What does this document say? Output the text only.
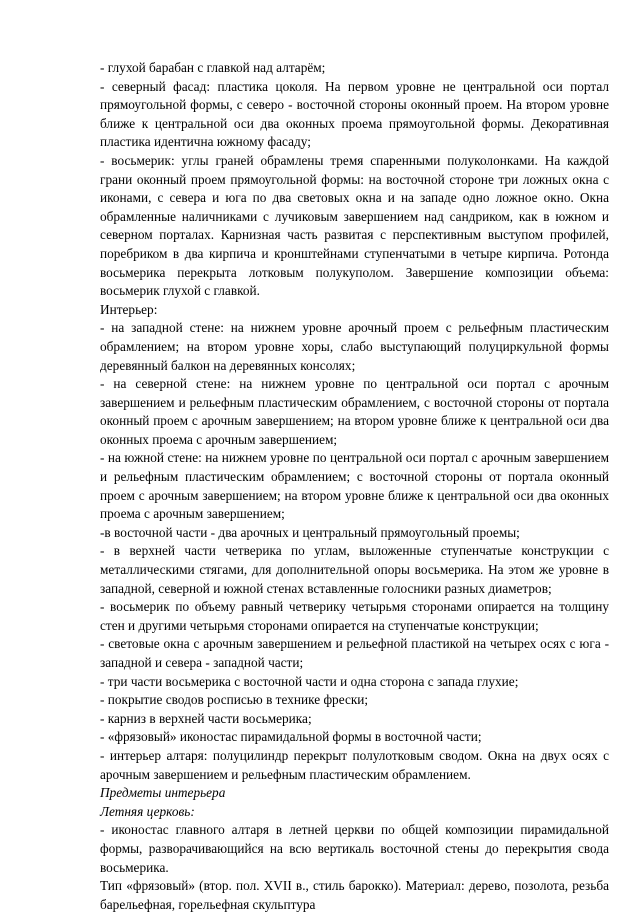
- глухой барабан с главкой над алтарём;

- северный фасад: пластика цоколя. На первом уровне не центральной оси портал прямоугольной формы, с северо - восточной стороны оконный проем. На втором уровне ближе к центральной оси два оконных проема прямоугольной формы. Декоративная пластика идентична южному фасаду;

- восьмерик: углы граней обрамлены тремя спаренными полуколонками. На каждой грани оконный проем прямоугольной формы: на восточной стороне три ложных окна с иконами, с севера и юга по два световых окна и на западе одно ложное окно. Окна обрамленные наличниками с лучиковым завершением над сандриком, как в южном и северном порталах. Карнизная часть развитая с перспективным выступом профилей, поребриком в два кирпича и кронштейнами ступенчатыми в четыре кирпича. Ротонда восьмерика перекрыта лотковым полукуполом. Завершение композиции объема: восьмерик глухой с главкой.

Интерьер:

- на западной стене: на нижнем уровне арочный проем с рельефным пластическим обрамлением; на втором уровне хоры, слабо выступающий полуциркульной формы деревянный балкон на деревянных консолях;

- на северной стене: на нижнем уровне по центральной оси портал с арочным завершением и рельефным пластическим обрамлением, с восточной стороны от портала оконный проем с арочным завершением; на втором уровне ближе к центральной оси два оконных проема с арочным завершением;

- на южной стене: на нижнем уровне по центральной оси портал с арочным завершением и рельефным пластическим обрамлением; с восточной стороны от портала оконный проем с арочным завершением; на втором уровне ближе к центральной оси два оконных проема с арочным завершением;

-в восточной части - два арочных и центральный прямоугольный проемы;

- в верхней части четверика по углам, выложенные ступенчатые конструкции с металлическими стягами, для дополнительной опоры восьмерика. На этом же уровне в западной, северной и южной стенах вставленные голосники разных диаметров;

- восьмерик по объему равный четверику четырьмя сторонами опирается на толщину стен и другими четырьмя сторонами опирается на ступенчатые конструкции;

- световые окна с арочным завершением и рельефной пластикой на четырех осях с юга - западной и севера - западной части;

- три части восьмерика с восточной части и одна сторона с запада глухие;

- покрытие сводов росписью в технике фрески;

- карниз в верхней части восьмерика;

- «фрязовый» иконостас пирамидальной формы в восточной части;

- интерьер алтаря: полуцилиндр перекрыт полулотковым сводом. Окна на двух осях с арочным завершением и рельефным пластическим обрамлением.

Предметы интерьера

Летняя церковь:

- иконостас главного алтаря в летней церкви по общей композиции пирамидальной формы, разворачивающийся на всю вертикаль восточной стены до перекрытия свода восьмерика.

Тип «фрязовый» (втор. пол. XVII в., стиль барокко). Материал: дерево, позолота, резьба барельефная, горельефная скульптура
